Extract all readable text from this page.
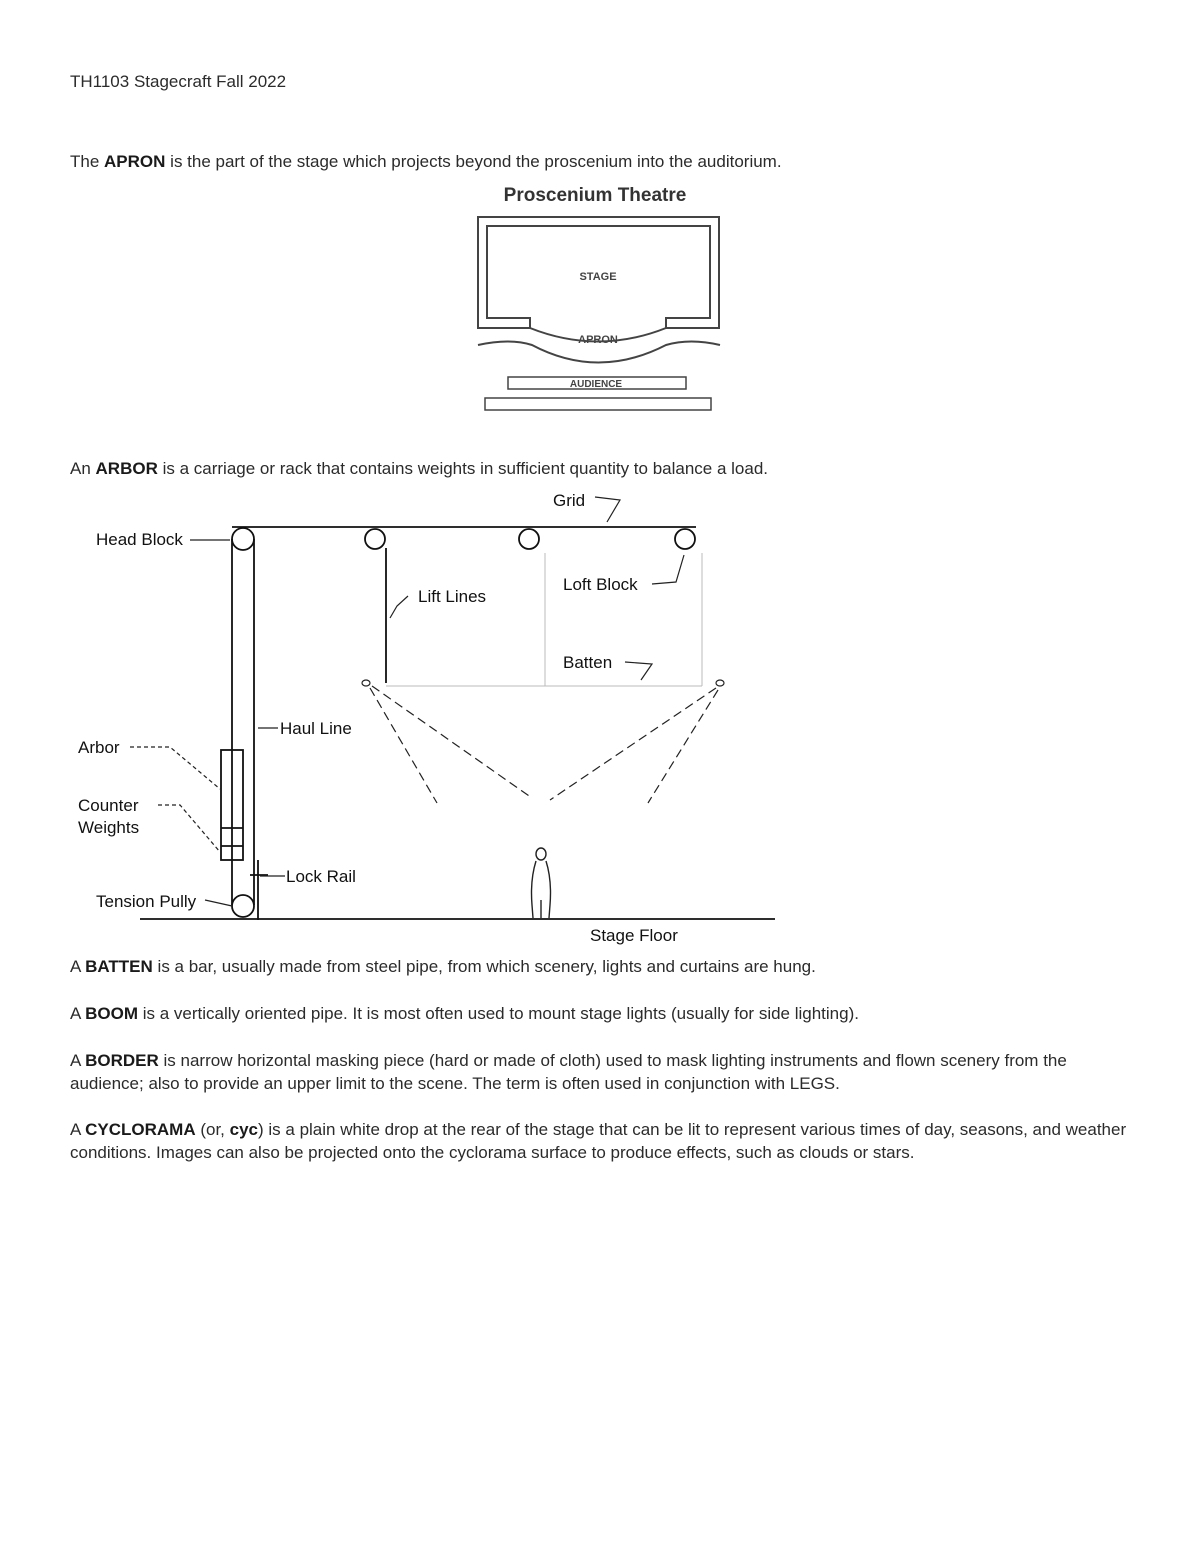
TH1103 Stagecraft Fall 2022
The APRON is the part of the stage which projects beyond the proscenium into the auditorium.
Proscenium Theatre
STAGE
APRON
AUDIENCE
An ARBOR is a carriage or rack that contains weights in sufficient quantity to balance a load.
Grid
Head Block
Lift Lines
Loft Block
Batten
Haul Line
Arbor
Counter
Weights
Lock Rail
Tension Pully
Stage Floor
A BATTEN is a bar, usually made from steel pipe, from which scenery, lights and curtains are hung.
A BOOM is a vertically oriented pipe. It is most often used to mount stage lights (usually for side lighting).
A BORDER is narrow horizontal masking piece (hard or made of cloth) used to mask lighting instruments and flown scenery from the audience; also to provide an upper limit to the scene. The term is often used in conjunction with LEGS.
A CYCLORAMA (or, cyc) is a plain white drop at the rear of the stage that can be lit to represent various times of day, seasons, and weather conditions. Images can also be projected onto the cyclorama surface to produce effects, such as clouds or stars.
